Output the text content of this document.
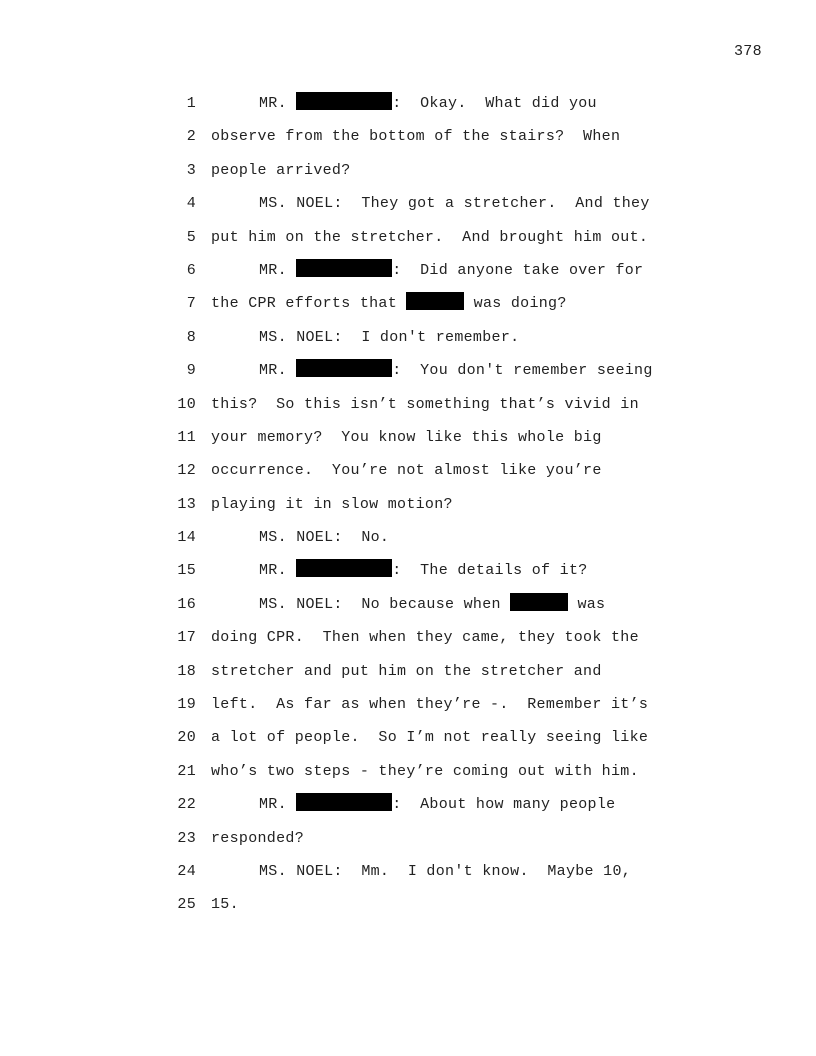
378
1	MR.	:  Okay.  What did you
2 observe from the bottom of the stairs?  When
3 people arrived?
4	MS. NOEL:  They got a stretcher.  And they
5 put him on the stretcher.  And brought him out.
6	MR.	:  Did anyone take over for
7 the CPR efforts that	was doing?
8	MS. NOEL:  I don't remember.
9	MR.	:  You don't remember seeing
10 this?  So this isn’t something that’s vivid in
11 your memory?  You know like this whole big
12 occurrence.  You’re not almost like you’re
13 playing it in slow motion?
14	MS. NOEL:  No.
15	MR.	:  The details of it?
16	MS. NOEL:  No because when	was
17 doing CPR.  Then when they came, they took the
18 stretcher and put him on the stretcher and
19 left.  As far as when they’re -.  Remember it’s
20 a lot of people.  So I’m not really seeing like
21 who’s two steps - they’re coming out with him.
22	MR.	:  About how many people
23 responded?
24	MS. NOEL:  Mm.  I don't know.  Maybe 10,
25 15.
